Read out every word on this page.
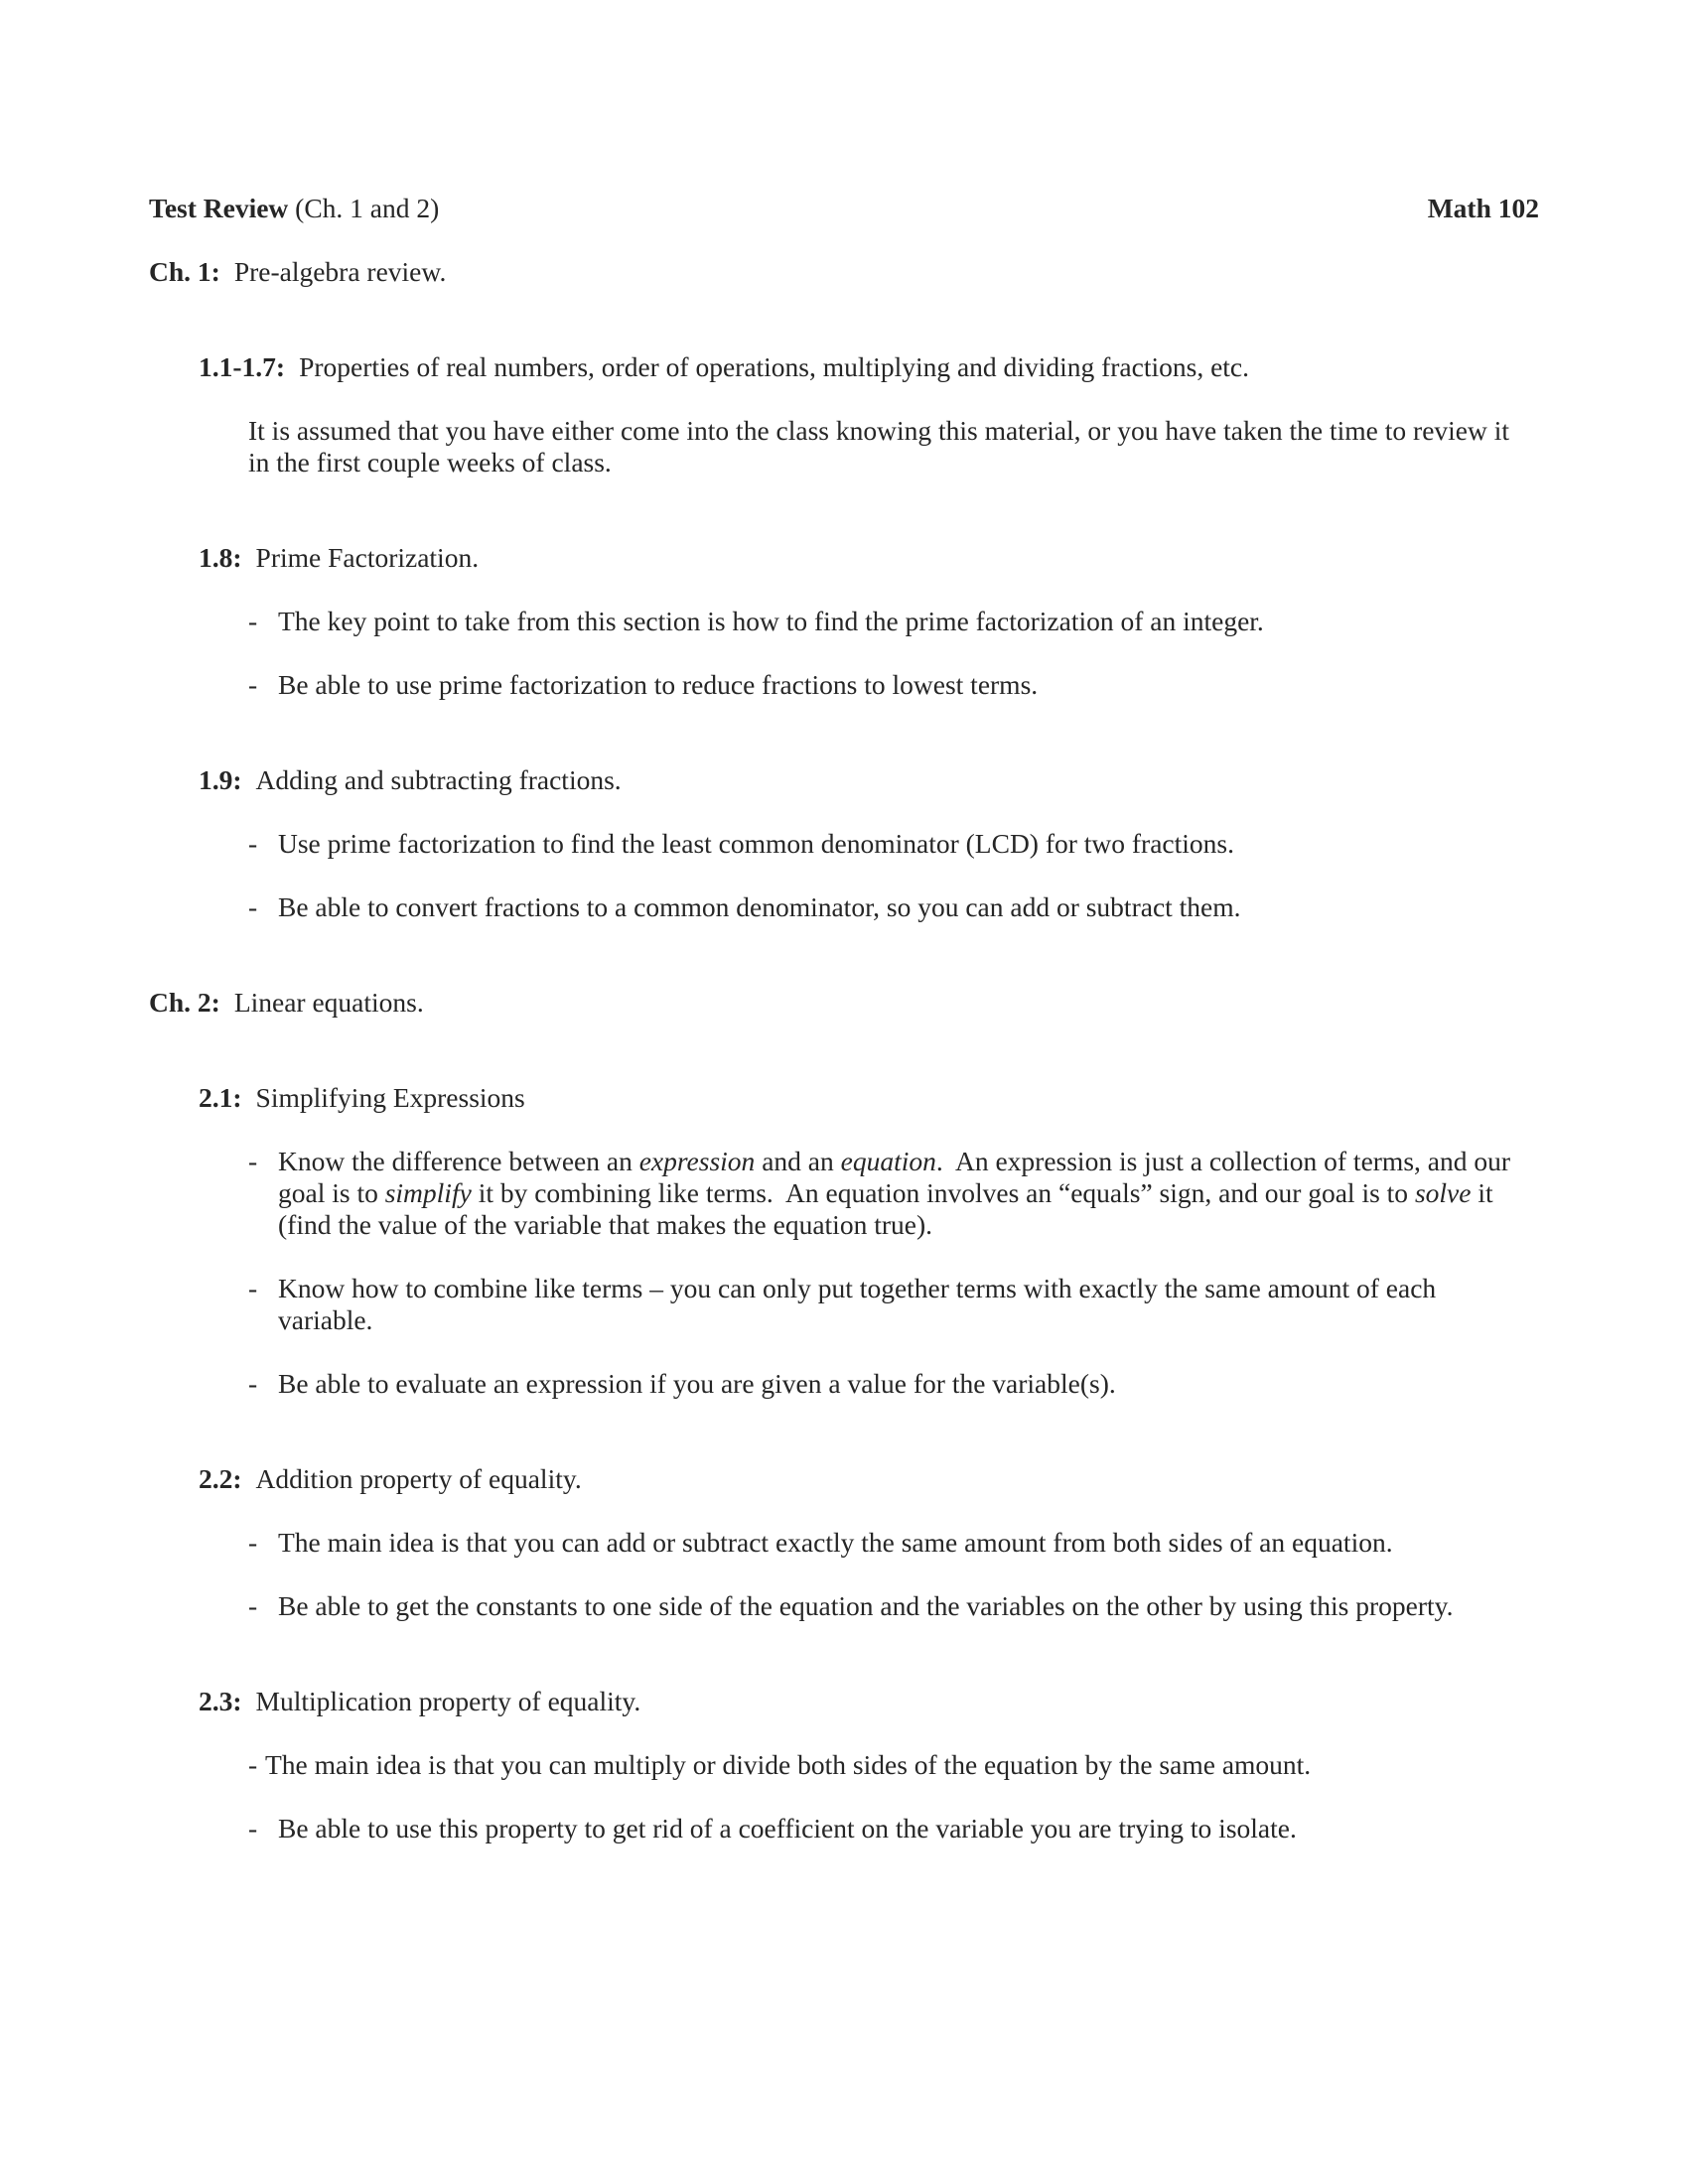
Test Review (Ch. 1 and 2)	Math 102
Ch. 1: Pre-algebra review.
1.1-1.7: Properties of real numbers, order of operations, multiplying and dividing fractions, etc.
It is assumed that you have either come into the class knowing this material, or you have taken the time to review it
in the first couple weeks of class.
1.8: Prime Factorization.
- The key point to take from this section is how to find the prime factorization of an integer.
- Be able to use prime factorization to reduce fractions to lowest terms.
1.9: Adding and subtracting fractions.
- Use prime factorization to find the least common denominator (LCD) for two fractions.
- Be able to convert fractions to a common denominator, so you can add or subtract them.
Ch. 2: Linear equations.
2.1: Simplifying Expressions
- Know the difference between an expression and an equation.  An expression is just a collection of terms, and our
goal is to simplify it by combining like terms.  An equation involves an “equals” sign, and our goal is to solve it
(find the value of the variable that makes the equation true).
- Know how to combine like terms – you can only put together terms with exactly the same amount of each
variable.
- Be able to evaluate an expression if you are given a value for the variable(s).
2.2: Addition property of equality.
- The main idea is that you can add or subtract exactly the same amount from both sides of an equation.
- Be able to get the constants to one side of the equation and the variables on the other by using this property.
2.3: Multiplication property of equality.
- The main idea is that you can multiply or divide both sides of the equation by the same amount.
- Be able to use this property to get rid of a coefficient on the variable you are trying to isolate.
